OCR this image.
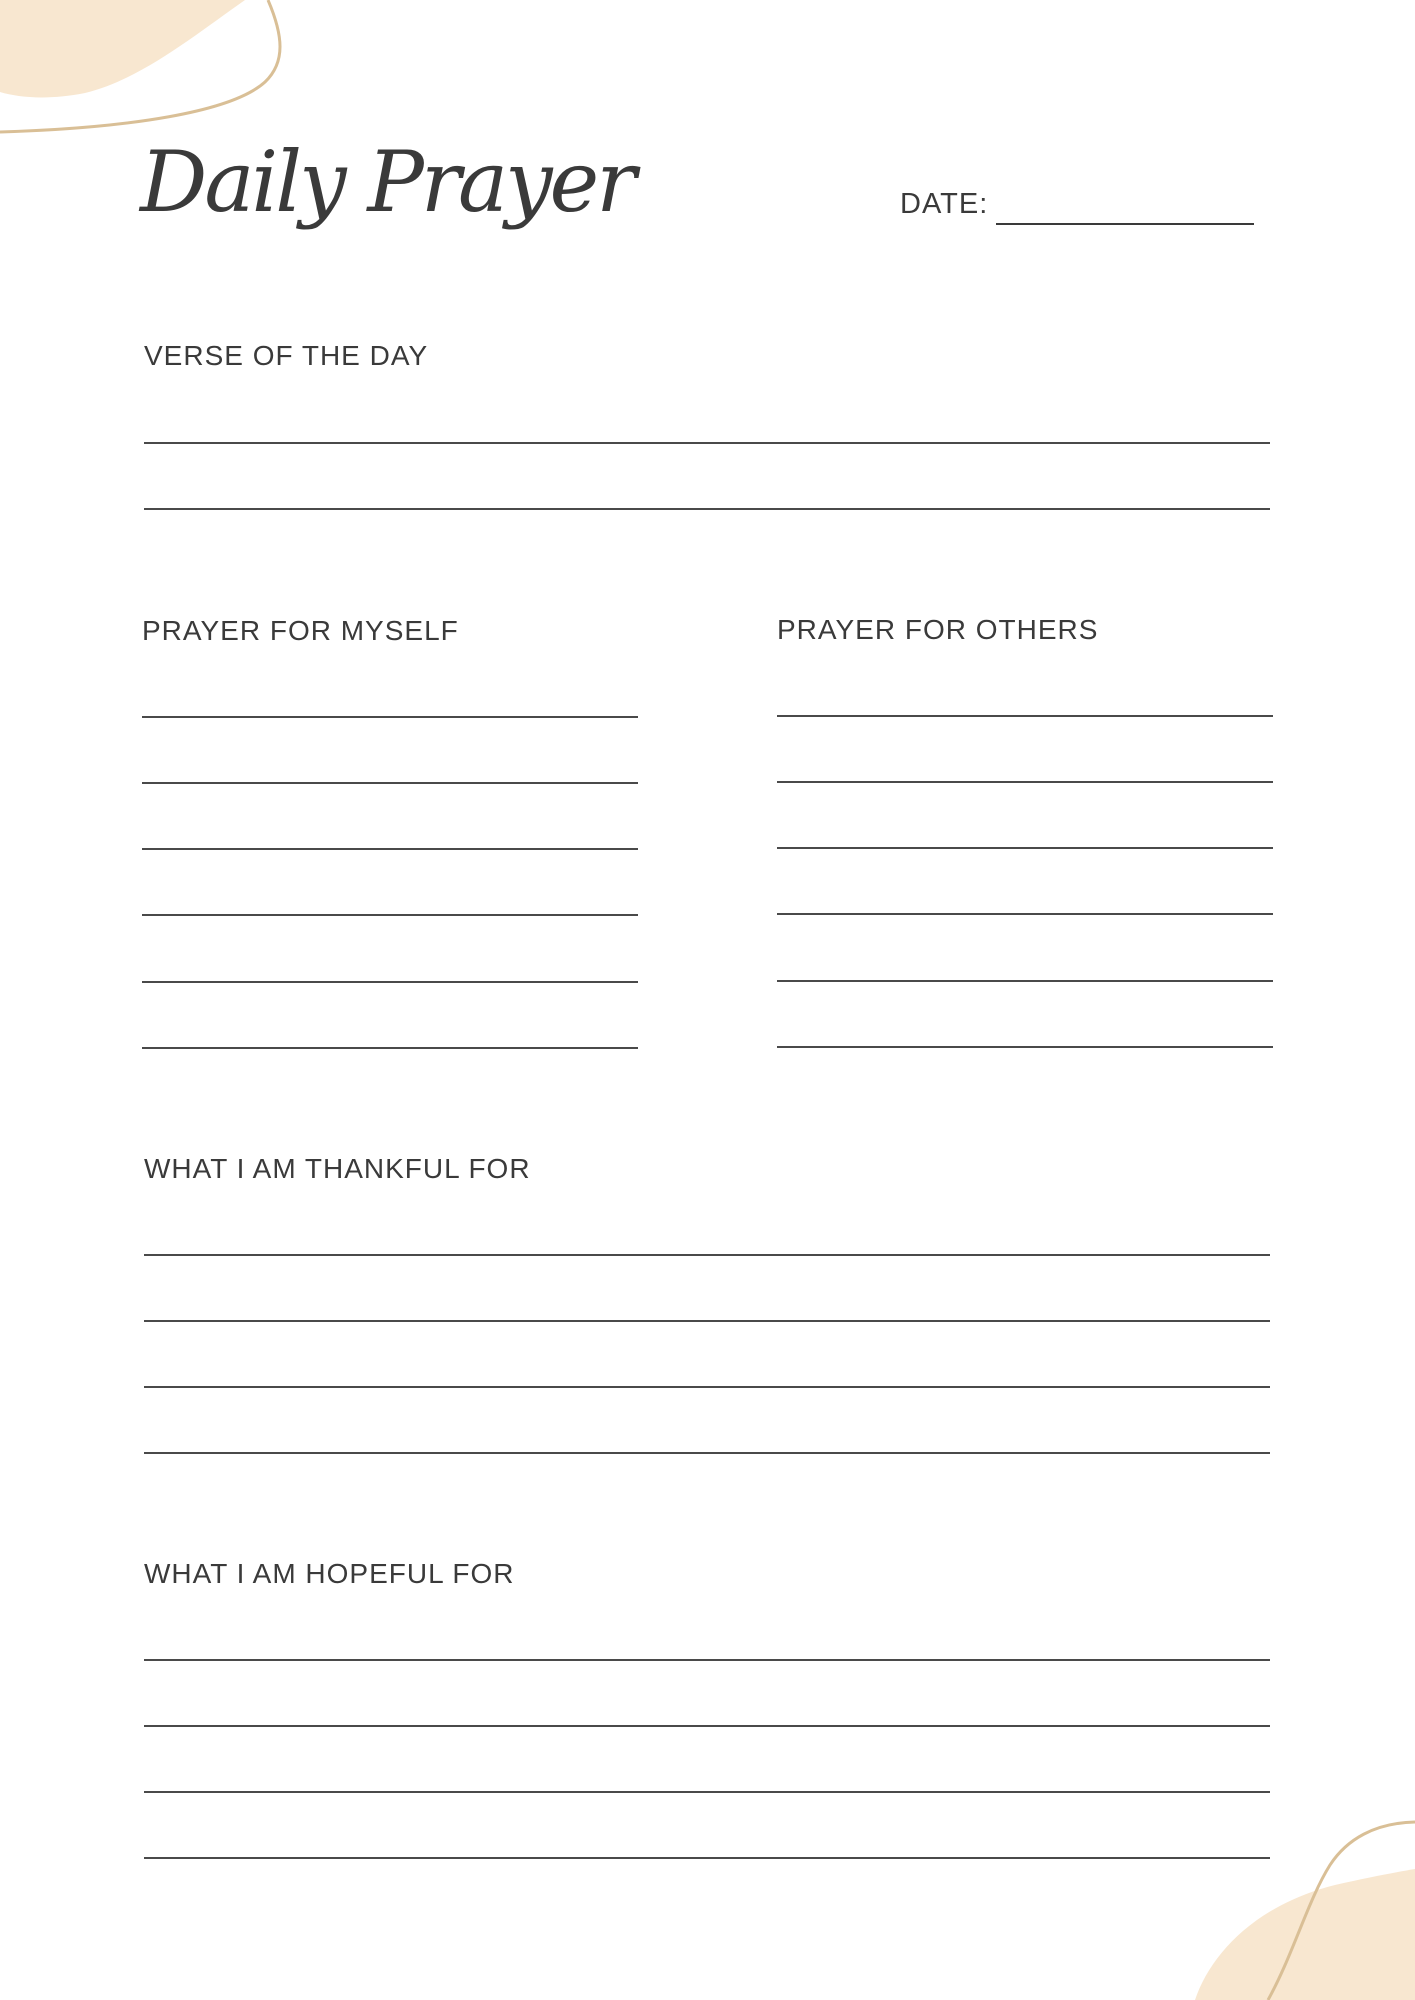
Daily Prayer	DATE:
VERSE OF THE DAY
PRAYER FOR MYSELF	PRAYER FOR OTHERS
WHAT I AM THANKFUL FOR
WHAT I AM HOPEFUL FOR
